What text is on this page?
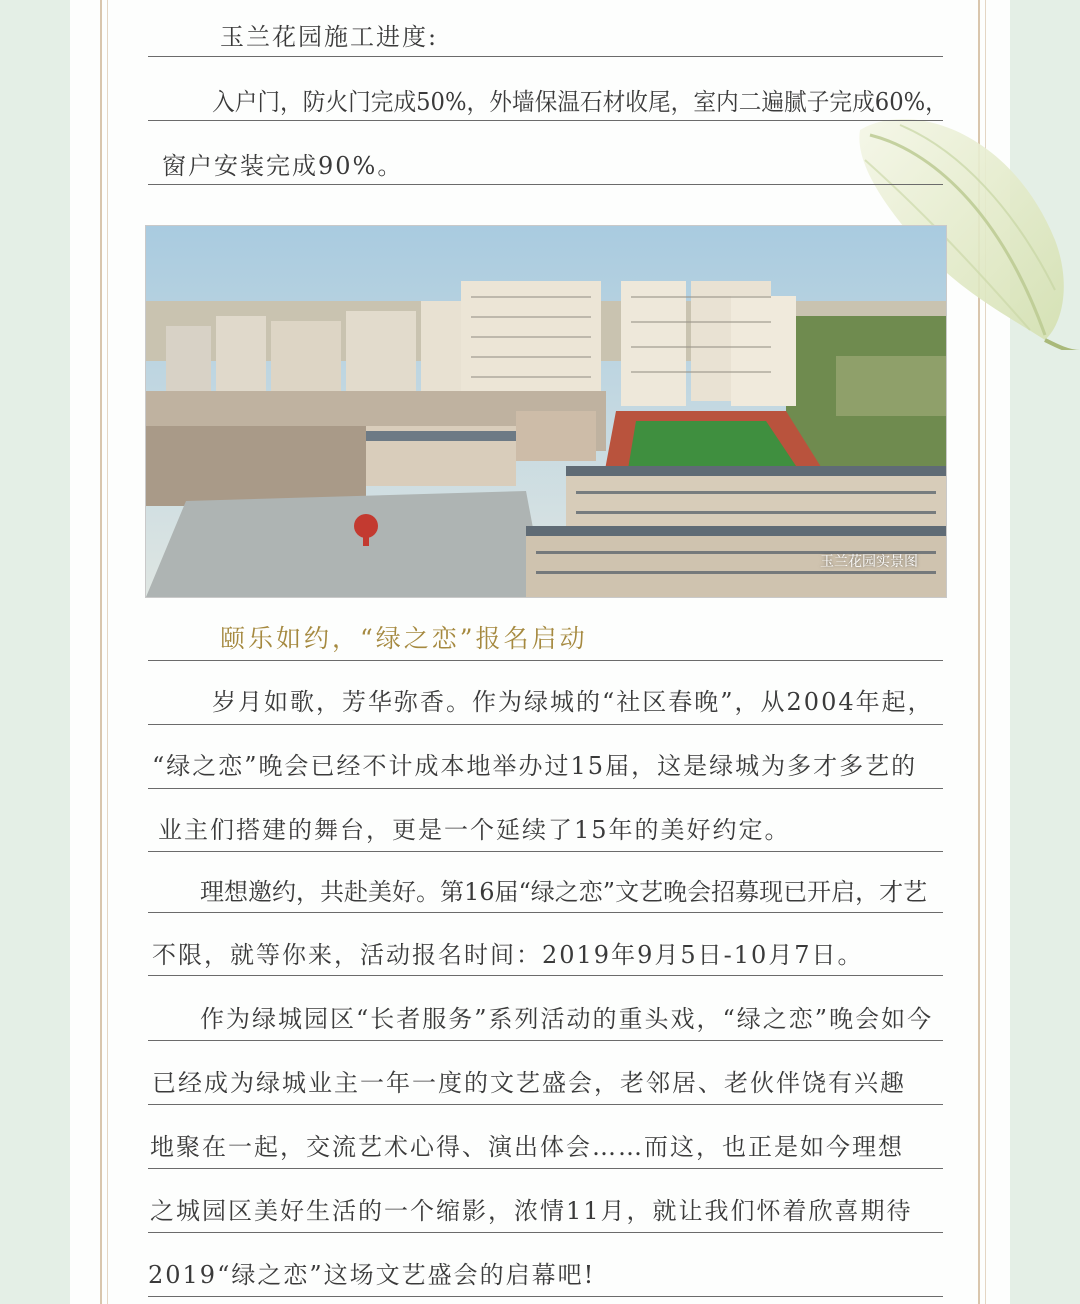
玉兰花园施工进度:
入户门，防火门完成50%，外墙保温石材收尾，室内二遍腻子完成60%，
窗户安装完成90%。
玉兰花园实景图
颐乐如约，“绿之恋”报名启动
岁月如歌，芳华弥香。作为绿城的“社区春晚”，从2004年起，
“绿之恋”晚会已经不计成本地举办过15届，这是绿城为多才多艺的
业主们搭建的舞台，更是一个延续了15年的美好约定。
理想邀约，共赴美好。第16届“绿之恋”文艺晚会招募现已开启，才艺
不限，就等你来，活动报名时间：2019年9月5日-10月7日。
作为绿城园区“长者服务”系列活动的重头戏，“绿之恋”晚会如今
已经成为绿城业主一年一度的文艺盛会，老邻居、老伙伴饶有兴趣
地聚在一起，交流艺术心得、演出体会……而这，也正是如今理想
之城园区美好生活的一个缩影，浓情11月，就让我们怀着欣喜期待
2019“绿之恋”这场文艺盛会的启幕吧!
